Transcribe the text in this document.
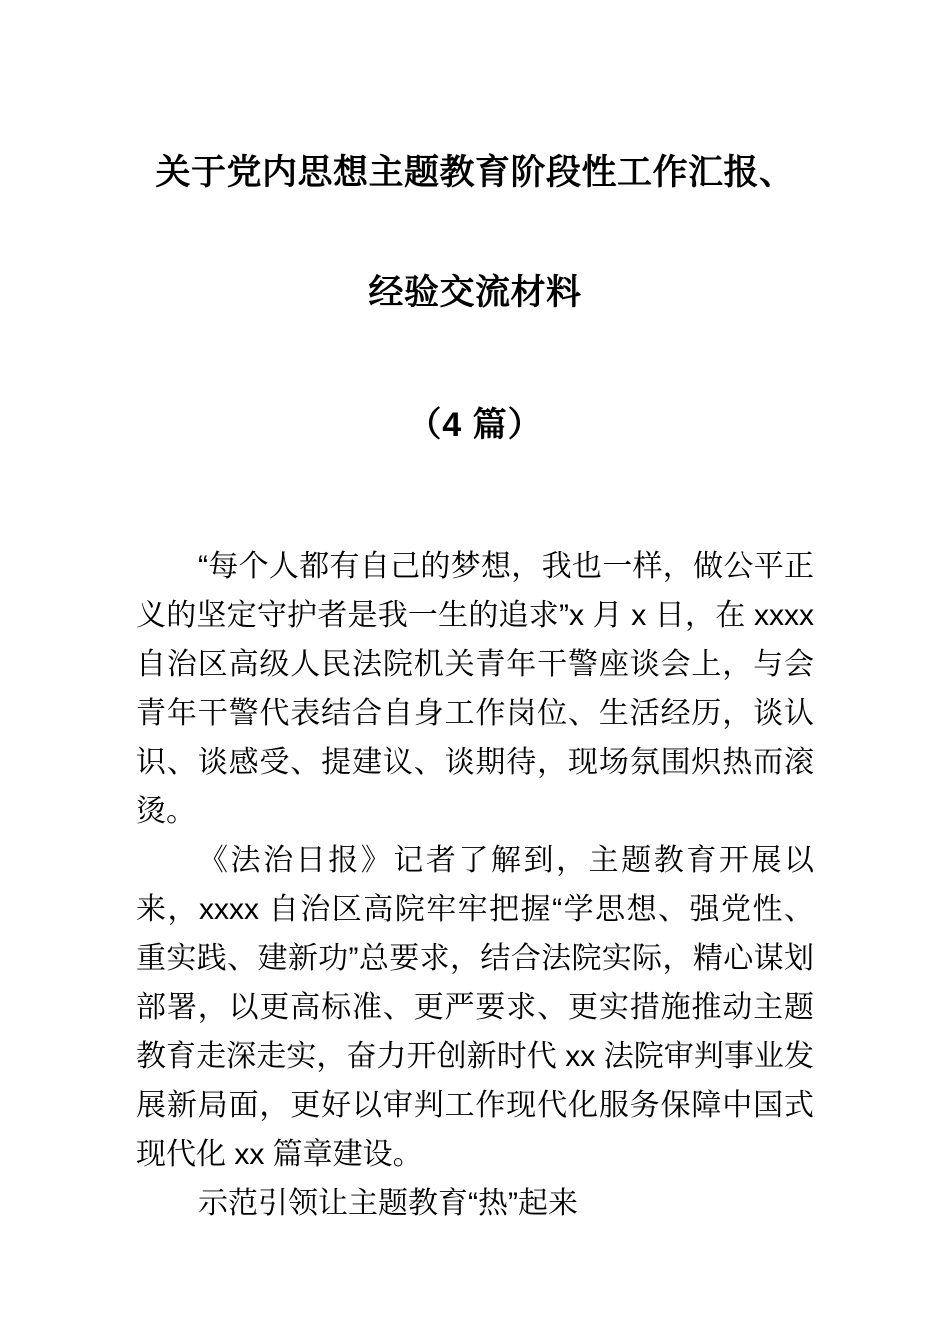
关于党内思想主题教育阶段性工作汇报、
经验交流材料
（4 篇）

“每个人都有自己的梦想，我也一样，做公平正义的坚定守护者是我一生的追求”x 月 x 日，在 xxxx 自治区高级人民法院机关青年干警座谈会上，与会青年干警代表结合自身工作岗位、生活经历，谈认识、谈感受、提建议、谈期待，现场氛围炽热而滚烫。

《法治日报》记者了解到，主题教育开展以来，xxxx 自治区高院牢牢把握“学思想、强党性、重实践、建新功”总要求，结合法院实际，精心谋划部署，以更高标准、更严要求、更实措施推动主题教育走深走实，奋力开创新时代 xx 法院审判事业发展新局面，更好以审判工作现代化服务保障中国式现代化 xx 篇章建设。

示范引领让主题教育“热”起来
